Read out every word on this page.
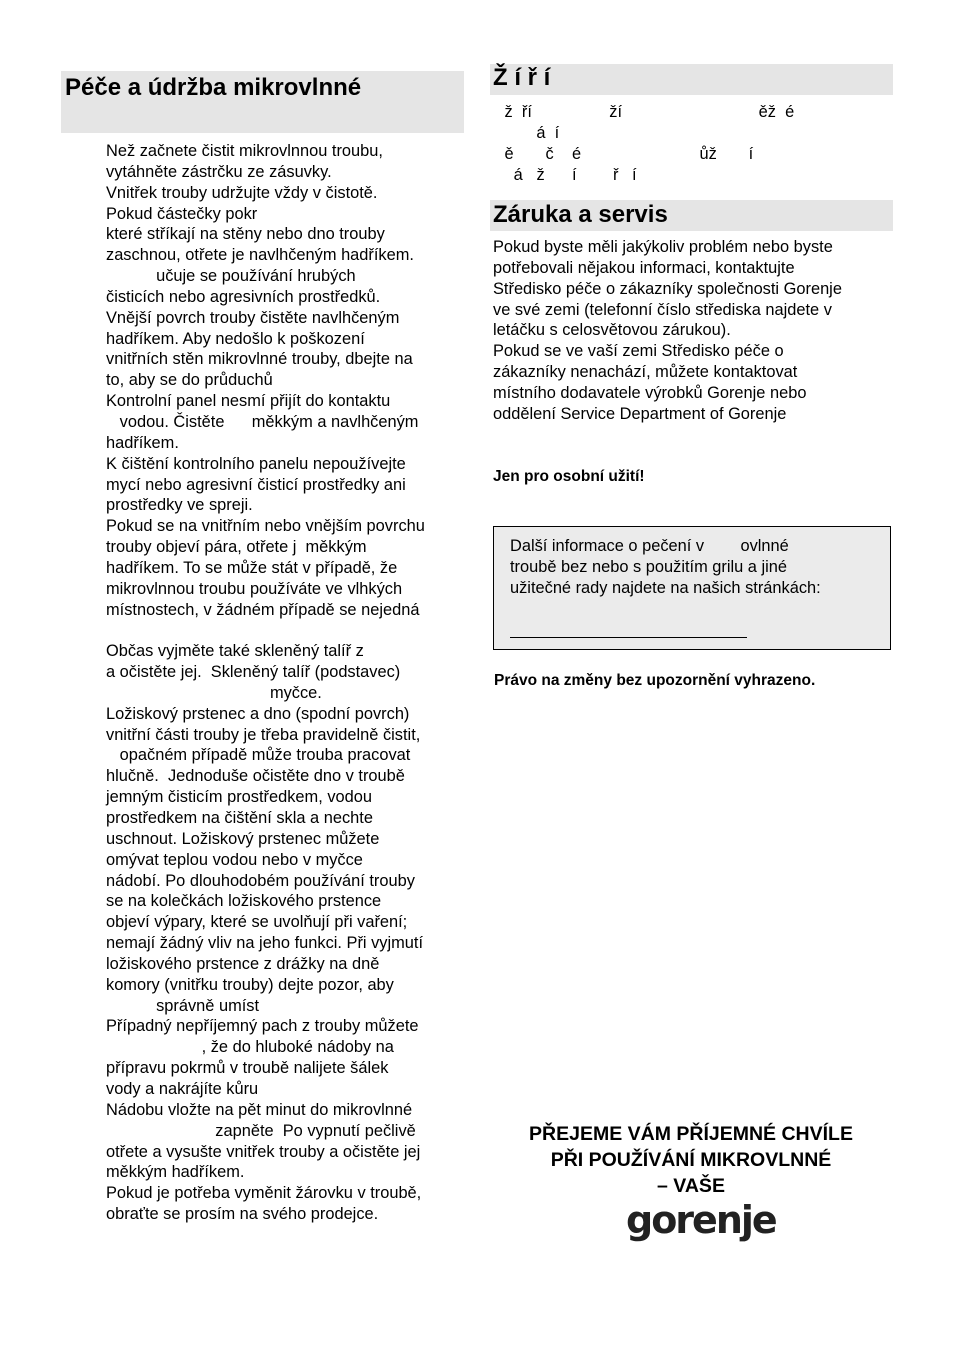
Péče a údržba mikrovlnné
Než začnete čistit mikrovlnnou troubu,
vytáhněte zástrčku ze zásuvky.
Vnitřek trouby udržujte vždy v čistotě.
Pokud částečky pokr
které stříkají na stěny nebo dno trouby
zaschnou, otřete je navlhčeným hadříkem.
učuje se používání hrubých
čisticích nebo agresivních prostředků.
Vnější povrch trouby čistěte navlhčeným
hadříkem. Aby nedošlo k poškození
vnitřních stěn mikrovlnné trouby, dbejte na
to, aby se do průduchů
Kontrolní panel nesmí přijít do kontaktu
vodou. Čistěte      měkkým a navlhčeným
hadříkem.
K čištění kontrolního panelu nepoužívejte
mycí nebo agresivní čisticí prostředky ani
prostředky ve spreji.
Pokud se na vnitřním nebo vnějším povrchu
trouby objeví pára, otřete j  měkkým
hadříkem. To se může stát v případě, že
mikrovlnnou troubu používáte ve vlhkých
místnostech, v žádném případě se nejedná
Občas vyjměte také skleněný talíř z
a očistěte jej.  Skleněný talíř (podstavec)
myčce.
Ložiskový prstenec a dno (spodní povrch)
vnitřní části trouby je třeba pravidelně čistit,
opačném případě může trouba pracovat
hlučně.  Jednoduše očistěte dno v troubě
jemným čisticím prostředkem, vodou
prostředkem na čištění skla a nechte
uschnout. Ložiskový prstenec můžete
omývat teplou vodou nebo v myčce
nádobí. Po dlouhodobém používání trouby
se na kolečkách ložiskového prstence
objeví výpary, které se uvolňují při vaření;
nemají žádný vliv na jeho funkci. Při vyjmutí
ložiskového prstence z drážky na dně
komory (vnitřku trouby) dejte pozor, aby
správně umíst
Případný nepříjemný pach z trouby můžete
, že do hluboké nádoby na
přípravu pokrmů v troubě nalijete šálek
vody a nakrájíte kůru
Nádobu vložte na pět minut do mikrovlnné
zapněte  Po vypnutí pečlivě
otřete a vysušte vnitřek trouby a očistěte jej
měkkým hadříkem.
Pokud je potřeba vyměnit žárovku v troubě,
obraťte se prosím na svého prodejce.
Ž í ř í
ž  ří                 ží                              ěž  é
á  í
ě       č    é                          ůž       í
á   ž      í        ř   í
Záruka a servis
Pokud byste měli jakýkoliv problém nebo byste
potřebovali nějakou informaci, kontaktujte
Středisko péče o zákazníky společnosti Gorenje
ve své zemi (telefonní číslo střediska najdete v
letáčku s celosvětovou zárukou).
Pokud se ve vaší zemi Středisko péče o
zákazníky nenachází, můžete kontaktovat
místního dodavatele výrobků Gorenje nebo
oddělení Service Department of Gorenje
Jen pro osobní užití!
Další informace o pečení v        ovlnné
troubě bez nebo s použitím grilu a jiné
užitečné rady najdete na našich stránkách:
Právo na změny bez upozornění vyhrazeno.
PŘEJEME VÁM PŘÍJEMNÉ CHVÍLE
PŘI POUŽÍVÁNÍ MIKROVLNNÉ
– VAŠE
gorenje
